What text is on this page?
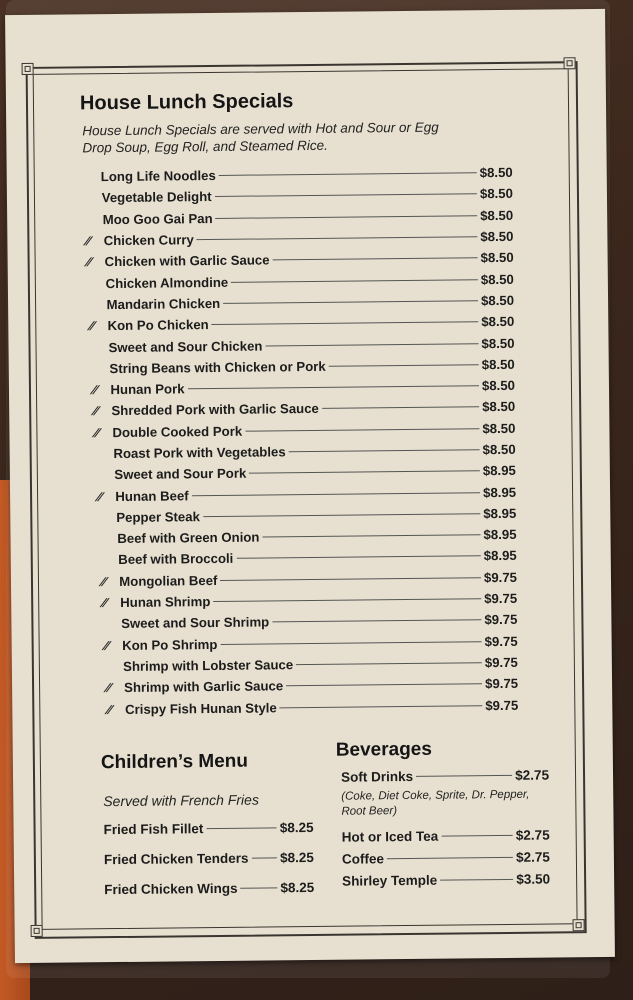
House Lunch Specials
House Lunch Specials are served with Hot and Sour or Egg Drop Soup, Egg Roll, and Steamed Rice.
Long Life Noodles	$8.50
Vegetable Delight	$8.50
Moo Goo Gai Pan	$8.50
∕∕	Chicken Curry	$8.50
∕∕	Chicken with Garlic Sauce	$8.50
Chicken Almondine	$8.50
Mandarin Chicken	$8.50
∕∕	Kon Po Chicken	$8.50
Sweet and Sour Chicken	$8.50
String Beans with Chicken or Pork	$8.50
∕∕	Hunan Pork	$8.50
∕∕	Shredded Pork with Garlic Sauce	$8.50
∕∕	Double Cooked Pork	$8.50
Roast Pork with Vegetables	$8.50
Sweet and Sour Pork	$8.95
∕∕	Hunan Beef	$8.95
Pepper Steak	$8.95
Beef with Green Onion	$8.95
Beef with Broccoli	$8.95
∕∕	Mongolian Beef	$9.75
∕∕	Hunan Shrimp	$9.75
Sweet and Sour Shrimp	$9.75
∕∕	Kon Po Shrimp	$9.75
Shrimp with Lobster Sauce	$9.75
∕∕	Shrimp with Garlic Sauce	$9.75
∕∕	Crispy Fish Hunan Style	$9.75
Children’s Menu
Served with French Fries
Fried Fish Fillet	$8.25
Fried Chicken Tenders $8.25
Fried Chicken Wings	$8.25
Beverages
Soft Drinks	$2.75
(Coke, Diet Coke, Sprite, Dr. Pepper, Root Beer)
Hot or Iced Tea	$2.75
Coffee	$2.75
Shirley Temple	$3.50
